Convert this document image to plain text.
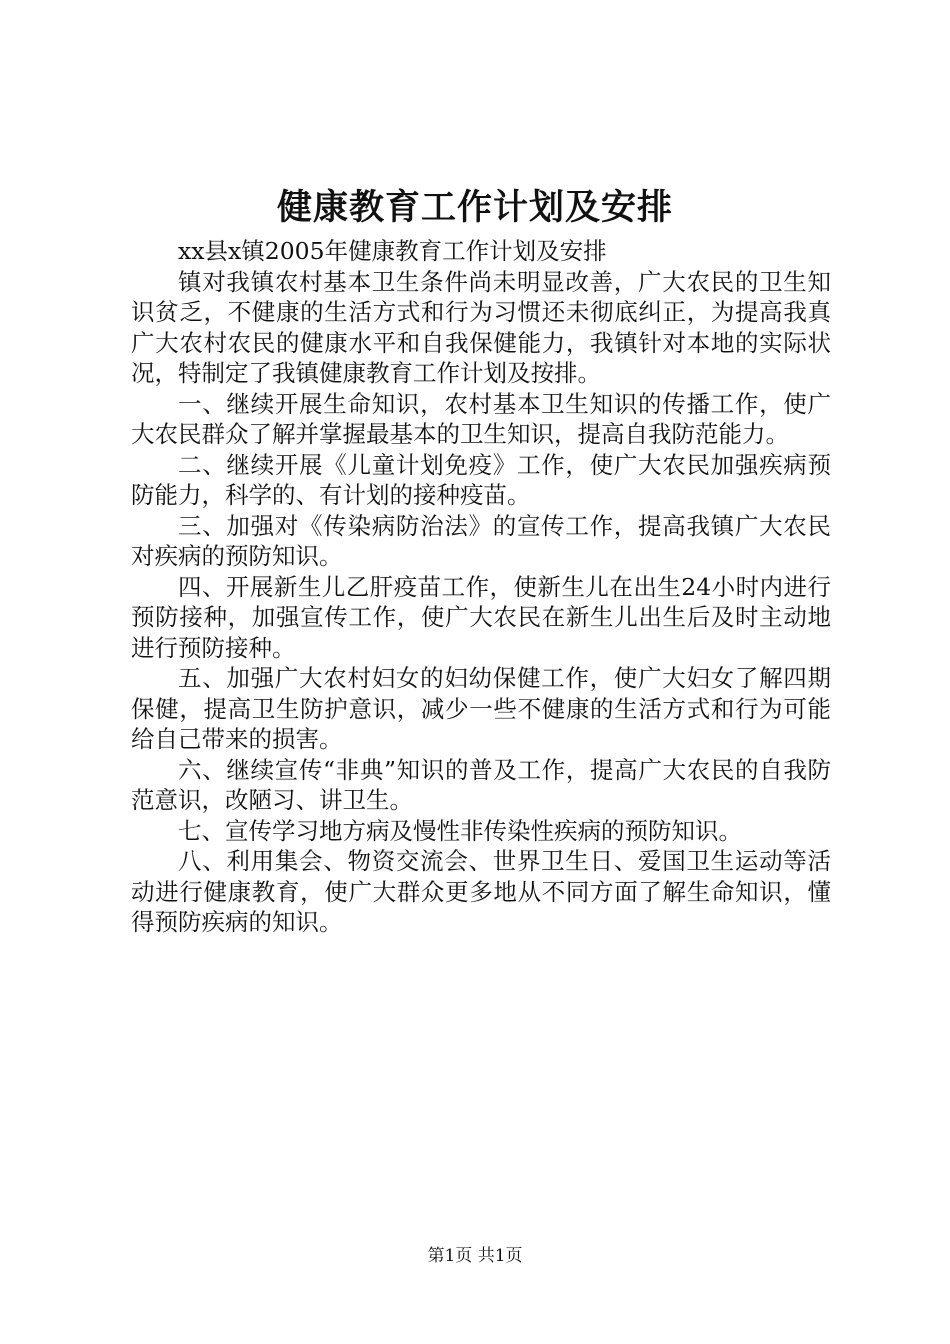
健康教育工作计划及安排

xx县x镇2005年健康教育工作计划及安排

镇对我镇农村基本卫生条件尚未明显改善，广大农民的卫生知识贫乏，不健康的生活方式和行为习惯还未彻底纠正，为提高我真广大农村农民的健康水平和自我保健能力，我镇针对本地的实际状况，特制定了我镇健康教育工作计划及按排。

一、继续开展生命知识，农村基本卫生知识的传播工作，使广大农民群众了解并掌握最基本的卫生知识，提高自我防范能力。

二、继续开展《儿童计划免疫》工作，使广大农民加强疾病预防能力，科学的、有计划的接种疫苗。

三、加强对《传染病防治法》的宣传工作，提高我镇广大农民对疾病的预防知识。

四、开展新生儿乙肝疫苗工作，使新生儿在出生24小时内进行预防接种，加强宣传工作，使广大农民在新生儿出生后及时主动地进行预防接种。

五、加强广大农村妇女的妇幼保健工作，使广大妇女了解四期保健，提高卫生防护意识，减少一些不健康的生活方式和行为可能给自己带来的损害。

六、继续宣传“非典”知识的普及工作，提高广大农民的自我防范意识，改陋习、讲卫生。

七、宣传学习地方病及慢性非传染性疾病的预防知识。

八、利用集会、物资交流会、世界卫生日、爱国卫生运动等活动进行健康教育，使广大群众更多地从不同方面了解生命知识，懂得预防疾病的知识。

第1页 共1页
